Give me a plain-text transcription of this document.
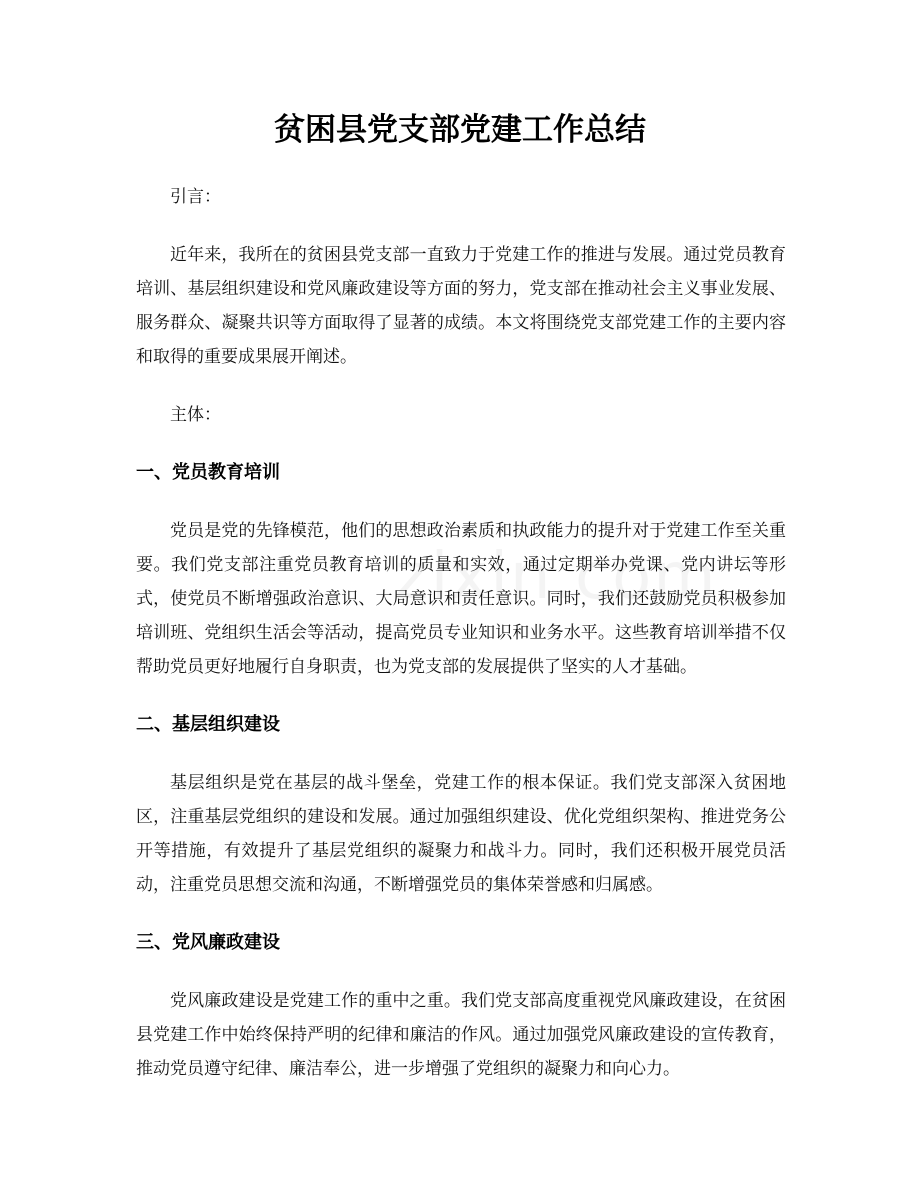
贫困县党支部党建工作总结

引言：

近年来，我所在的贫困县党支部一直致力于党建工作的推进与发展。通过党员教育培训、基层组织建设和党风廉政建设等方面的努力，党支部在推动社会主义事业发展、服务群众、凝聚共识等方面取得了显著的成绩。本文将围绕党支部党建工作的主要内容和取得的重要成果展开阐述。

主体：

一、党员教育培训

党员是党的先锋模范，他们的思想政治素质和执政能力的提升对于党建工作至关重要。我们党支部注重党员教育培训的质量和实效，通过定期举办党课、党内讲坛等形式，使党员不断增强政治意识、大局意识和责任意识。同时，我们还鼓励党员积极参加培训班、党组织生活会等活动，提高党员专业知识和业务水平。这些教育培训举措不仅帮助党员更好地履行自身职责，也为党支部的发展提供了坚实的人才基础。

二、基层组织建设

基层组织是党在基层的战斗堡垒，党建工作的根本保证。我们党支部深入贫困地区，注重基层党组织的建设和发展。通过加强组织建设、优化党组织架构、推进党务公开等措施，有效提升了基层党组织的凝聚力和战斗力。同时，我们还积极开展党员活动，注重党员思想交流和沟通，不断增强党员的集体荣誉感和归属感。

三、党风廉政建设

党风廉政建设是党建工作的重中之重。我们党支部高度重视党风廉政建设，在贫困县党建工作中始终保持严明的纪律和廉洁的作风。通过加强党风廉政建设的宣传教育，推动党员遵守纪律、廉洁奉公，进一步增强了党组织的凝聚力和向心力。
